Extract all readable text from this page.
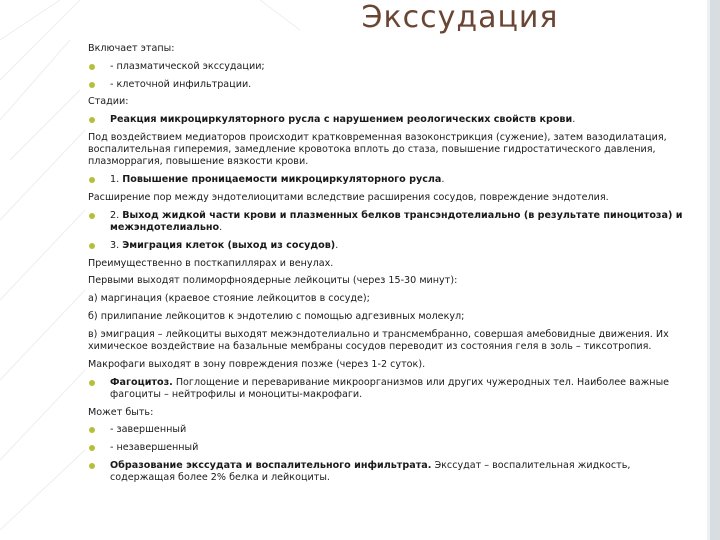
Экссудация

Включает этапы:

- плазматической экссудации;

- клеточной инфильтрации.

Стадии:

Реакция микроциркуляторного русла с нарушением реологических свойств крови.

Под воздействием медиаторов происходит кратковременная вазоконстрикция (сужение), затем вазодилатация, воспалительная гиперемия, замедление кровотока вплоть до стаза, повышение гидростатического давления, плазморрагия, повышение вязкости крови.

1. Повышение проницаемости микроциркуляторного русла.

Расширение пор между эндотелиоцитами вследствие расширения сосудов, повреждение эндотелия.

2. Выход жидкой части крови и плазменных белков трансэндотелиально (в результате пиноцитоза) и межэндотелиально.

3. Эмиграция клеток (выход из сосудов).

Преимущественно в посткапиллярах и венулах.

Первыми выходят полиморфноядерные лейкоциты (через 15-30 минут):

а) маргинация (краевое стояние лейкоцитов в сосуде);

б) прилипание лейкоцитов к эндотелию с помощью адгезивных молекул;

в) эмиграция – лейкоциты выходят межэндотелиально и трансмембранно, совершая амебовидные движения. Их химическое воздействие на базальные мембраны сосудов переводит из состояния геля в золь – тиксотропия.

Макрофаги выходят в зону повреждения позже (через 1-2 суток).

Фагоцитоз. Поглощение и переваривание микроорганизмов или других чужеродных тел. Наиболее важные фагоциты – нейтрофилы и моноциты-макрофаги.

Может быть:

- завершенный

- незавершенный

Образование экссудата и воспалительного инфильтрата. Экссудат – воспалительная жидкость, содержащая более 2% белка и лейкоциты.
